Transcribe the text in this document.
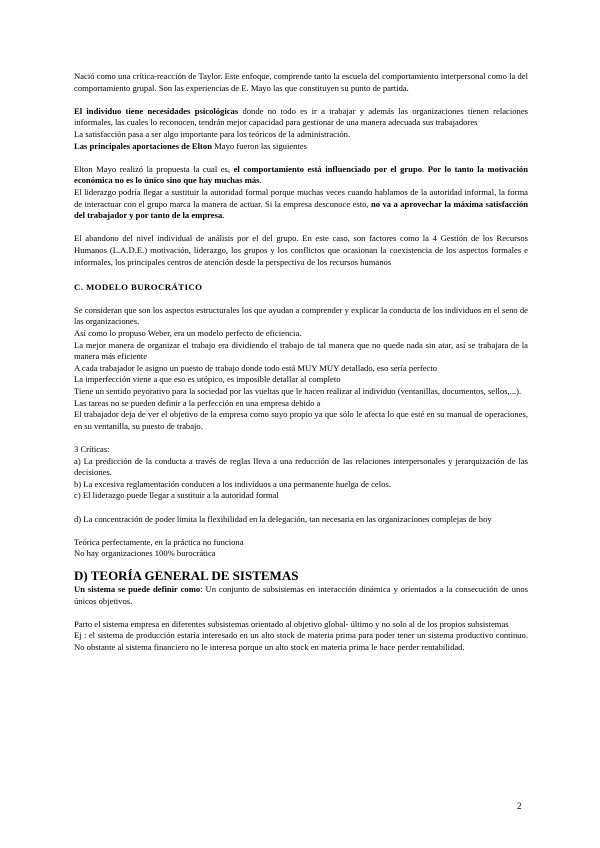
Nació como una crítica-reacción de Taylor. Este enfoque, comprende tanto la escuela del comportamiento interpersonal como la del comportamiento grupal. Son las experiencias de E. Mayo las que constituyen su punto de partida.

El individuo tiene necesidades psicológicas donde no todo es ir a trabajar y además las organizaciones tienen relaciones informales, las cuales lo reconocen, tendrán mejor capacidad para gestionar de una manera adecuada sus trabajadores

La satisfacción pasa a ser algo importante para los teóricos de la administración.

Las principales aportaciones de Elton Mayo fueron las siguientes

Elton Mayo realizó la propuesta la cual es, el comportamiento está influenciado por el grupo. Por lo tanto la motivación económica no es lo único sino que hay muchas más.

El liderazgo podría llegar a sustituir la autoridad formal porque muchas veces cuando hablamos de la autoridad informal, la forma de interactuar con el grupo marca la manera de actuar. Si la empresa desconoce esto, no va a aprovechar la máxima satisfacción del trabajador y por tanto de la empresa.

El abandono del nivel individual de análisis por el del grupo. En este caso, son factores como la 4 Gestión de los Recursos Humanos (L.A.D.E.) motivación, liderazgo, los grupos y los conflictos que ocasionan la coexistencia de los aspectos formales e informales, los principales centros de atención desde la perspectiva de los recursos humanos

C. MODELO BUROCRÁTICO

Se consideran que son los aspectos estructurales los que ayudan a comprender y explicar la conducta de los individuos en el seno de las organizaciones.

Así como lo propuso Weber, era un modelo perfecto de eficiencia.

La mejor manera de organizar el trabajo era dividiendo el trabajo de tal manera que no quede nada sin atar, así se trabajara de la manera más eficiente

A cada trabajador le asigno un puesto de trabajo donde todo está MUY MUY detallado, eso sería perfecto

La imperfección viene a que eso es utópico, es imposible detallar al completo

Tiene un sentido peyorativo para la sociedad por las vueltas que le hacen realizar al individuo (ventanillas, documentos, sellos,...).

Las tareas no se pueden definir a la perfección en una empresa debido a

El trabajador deja de ver el objetivo de la empresa como suyo propio ya que sólo le afecta lo que esté en su manual de operaciones, en su ventanilla, su puesto de trabajo.

3 Críticas:

a) La predicción de la conducta a través de reglas lleva a una reducción de las relaciones interpersonales y jerarquización de las decisiones.

b) La excesiva reglamentación conducen a los individuos a una permanente huelga de celos.

c) El liderazgo puede llegar a sustituir a la autoridad formal

d) La concentración de poder limita la flexibilidad en la delegación, tan necesaria en las organizaciones complejas de hoy

Teórica perfectamente, en la práctica no funciona

No hay organizaciones 100% burocrática

D) TEORÍA GENERAL DE SISTEMAS

Un sistema se puede definir como: Un conjunto de subsistemas en interacción dinámica y orientados a la consecución de unos únicos objetivos.

Parto el sistema empresa en diferentes subsistemas orientado al objetivo global- último y no solo al de los propios subsistemas

Ej : el sistema de producción estaría interesado en un alto stock de materia prima para poder tener un sistema productivo continuo. No obstante al sistema financiero no le interesa porque un alto stock en materia prima le hace perder rentabilidad.

2
